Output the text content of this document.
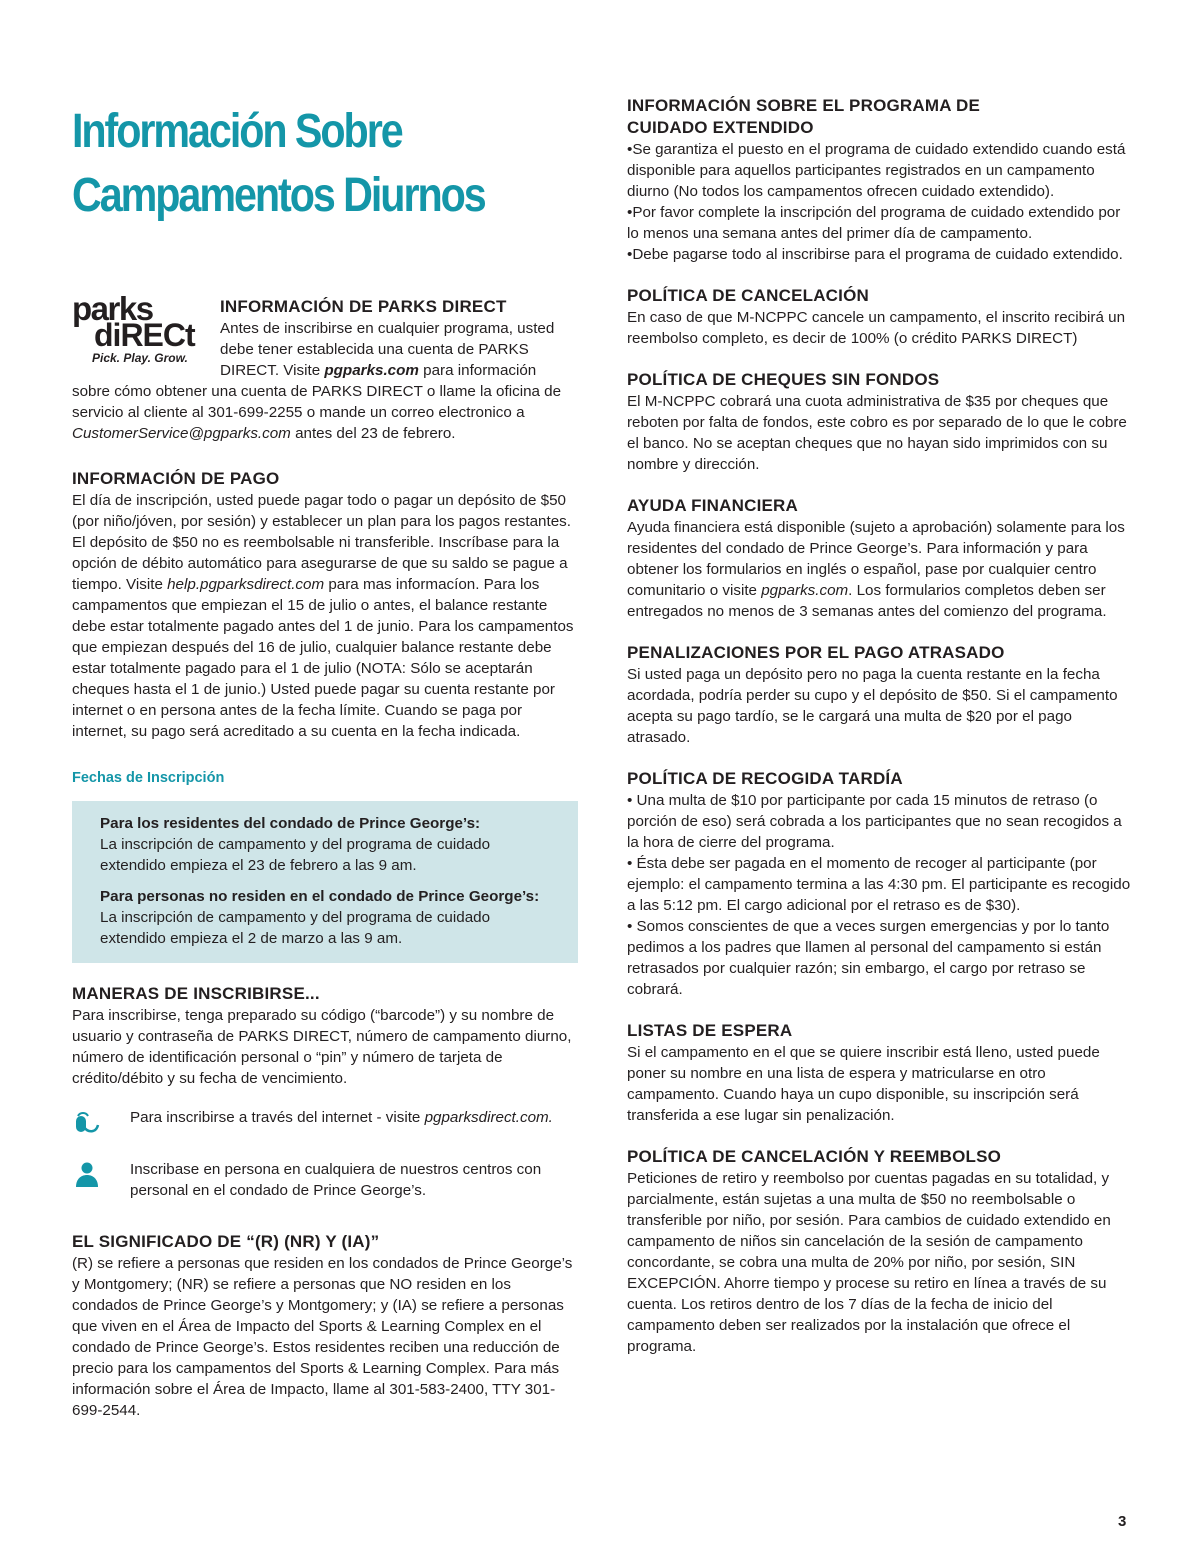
Información Sobre
Campamentos Diurnos
parks
diRECt
Pick. Play. Grow.
INFORMACIÓN DE PARKS DIRECT

Antes de inscribirse en cualquier programa, usted debe tener establecida una cuenta de PARKS DIRECT. Visite pgparks.com para información sobre cómo obtener una cuenta de PARKS DIRECT o llame la oficina de servicio al cliente al 301-699-2255 o mande un correo electronico a CustomerService@pgparks.com antes del 23 de febrero.

INFORMACIÓN DE PAGO

El día de inscripción, usted puede pagar todo o pagar un depósito de $50 (por niño/jóven, por sesión) y establecer un plan para los pagos restantes. El depósito de $50 no es reembolsable ni transferible. Inscríbase para la opción de débito automático para asegurarse de que su saldo se pague a tiempo. Visite help.pgparksdirect.com para mas informacíon. Para los campamentos que empiezan el 15 de julio o antes, el balance restante debe estar totalmente pagado antes del 1 de junio. Para los campamentos que empiezan después del 16 de julio, cualquier balance restante debe estar totalmente pagado para el 1 de julio (NOTA: Sólo se aceptarán cheques hasta el 1 de junio.) Usted puede pagar su cuenta restante por internet o en persona antes de la fecha límite. Cuando se paga por internet, su pago será acreditado a su cuenta en la fecha indicada.

Fechas de Inscripción

Para los residentes del condado de Prince George’s:

La inscripción de campamento y del programa de cuidado extendido empieza el 23 de febrero a las 9 am.

Para personas no residen en el condado de Prince George’s:

La inscripción de campamento y del programa de cuidado extendido empieza el 2 de marzo a las 9 am.

MANERAS DE INSCRIBIRSE...

Para inscribirse, tenga preparado su código (“barcode”) y su nombre de usuario y contraseña de PARKS DIRECT, número de campamento diurno, número de identificación personal o “pin” y número de tarjeta de crédito/débito y su fecha de vencimiento.

Para inscribirse a través del internet - visite pgparksdirect.com.
Inscribase en persona en cualquiera de nuestros centros con personal en el condado de Prince George’s.
EL SIGNIFICADO DE “(R) (NR) Y (IA)”

(R) se refiere a personas que residen en los condados de Prince George’s y Montgomery; (NR) se refiere a personas que NO residen en los condados de Prince George’s y Montgomery; y (IA) se refiere a personas que viven en el Área de Impacto del Sports & Learning Complex en el condado de Prince George’s. Estos residentes reciben una reducción de precio para los campamentos del Sports & Learning Complex. Para más información sobre el Área de Impacto, llame al 301-583-2400, TTY 301-699-2544.

INFORMACIÓN SOBRE EL PROGRAMA DE CUIDADO EXTENDIDO

•Se garantiza el puesto en el programa de cuidado extendido cuando está disponible para aquellos participantes registrados en un campamento diurno (No todos los campamentos ofrecen cuidado extendido).

•Por favor complete la inscripción del programa de cuidado extendido por lo menos una semana antes del primer día de campamento.

•Debe pagarse todo al inscribirse para el programa de cuidado extendido.

POLÍTICA DE CANCELACIÓN

En caso de que M-NCPPC cancele un campamento, el inscrito recibirá un reembolso completo, es decir de 100% (o crédito PARKS DIRECT)

POLÍTICA DE CHEQUES SIN FONDOS

El M-NCPPC cobrará una cuota administrativa de $35 por cheques que reboten por falta de fondos, este cobro es por separado de lo que le cobre el banco. No se aceptan cheques que no hayan sido imprimidos con su nombre y dirección.

AYUDA FINANCIERA

Ayuda financiera está disponible (sujeto a aprobación) solamente para los residentes del condado de Prince George’s. Para información y para obtener los formularios en inglés o español, pase por cualquier centro comunitario o visite pgparks.com. Los formularios completos deben ser entregados no menos de 3 semanas antes del comienzo del programa.

PENALIZACIONES POR EL PAGO ATRASADO

Si usted paga un depósito pero no paga la cuenta restante en la fecha acordada, podría perder su cupo y el depósito de $50. Si el campamento acepta su pago tardío, se le cargará una multa de $20 por el pago atrasado.

POLÍTICA DE RECOGIDA TARDÍA

• Una multa de $10 por participante por cada 15 minutos de retraso (o porción de eso) será cobrada a los participantes que no sean recogidos a la hora de cierre del programa.

• Ésta debe ser pagada en el momento de recoger al participante (por ejemplo: el campamento termina a las 4:30 pm. El participante es recogido a las 5:12 pm. El cargo adicional por el retraso es de $30).

• Somos conscientes de que a veces surgen emergencias y por lo tanto pedimos a los padres que llamen al personal del campamento si están retrasados por cualquier razón; sin embargo, el cargo por retraso se cobrará.

LISTAS DE ESPERA

Si el campamento en el que se quiere inscribir está lleno, usted puede poner su nombre en una lista de espera y matricularse en otro campamento. Cuando haya un cupo disponible, su inscripción será transferida a ese lugar sin penalización.

POLÍTICA DE CANCELACIÓN Y REEMBOLSO

Peticiones de retiro y reembolso por cuentas pagadas en su totalidad, y parcialmente, están sujetas a una multa de $50 no reembolsable o transferible por niño, por sesión. Para cambios de cuidado extendido en campamento de niños sin cancelación de la sesión de campamento concordante, se cobra una multa de 20% por niño, por sesión, SIN EXCEPCIÓN. Ahorre tiempo y procese su retiro en línea a través de su cuenta. Los retiros dentro de los 7 días de la fecha de inicio del campamento deben ser realizados por la instalación que ofrece el programa.

3
